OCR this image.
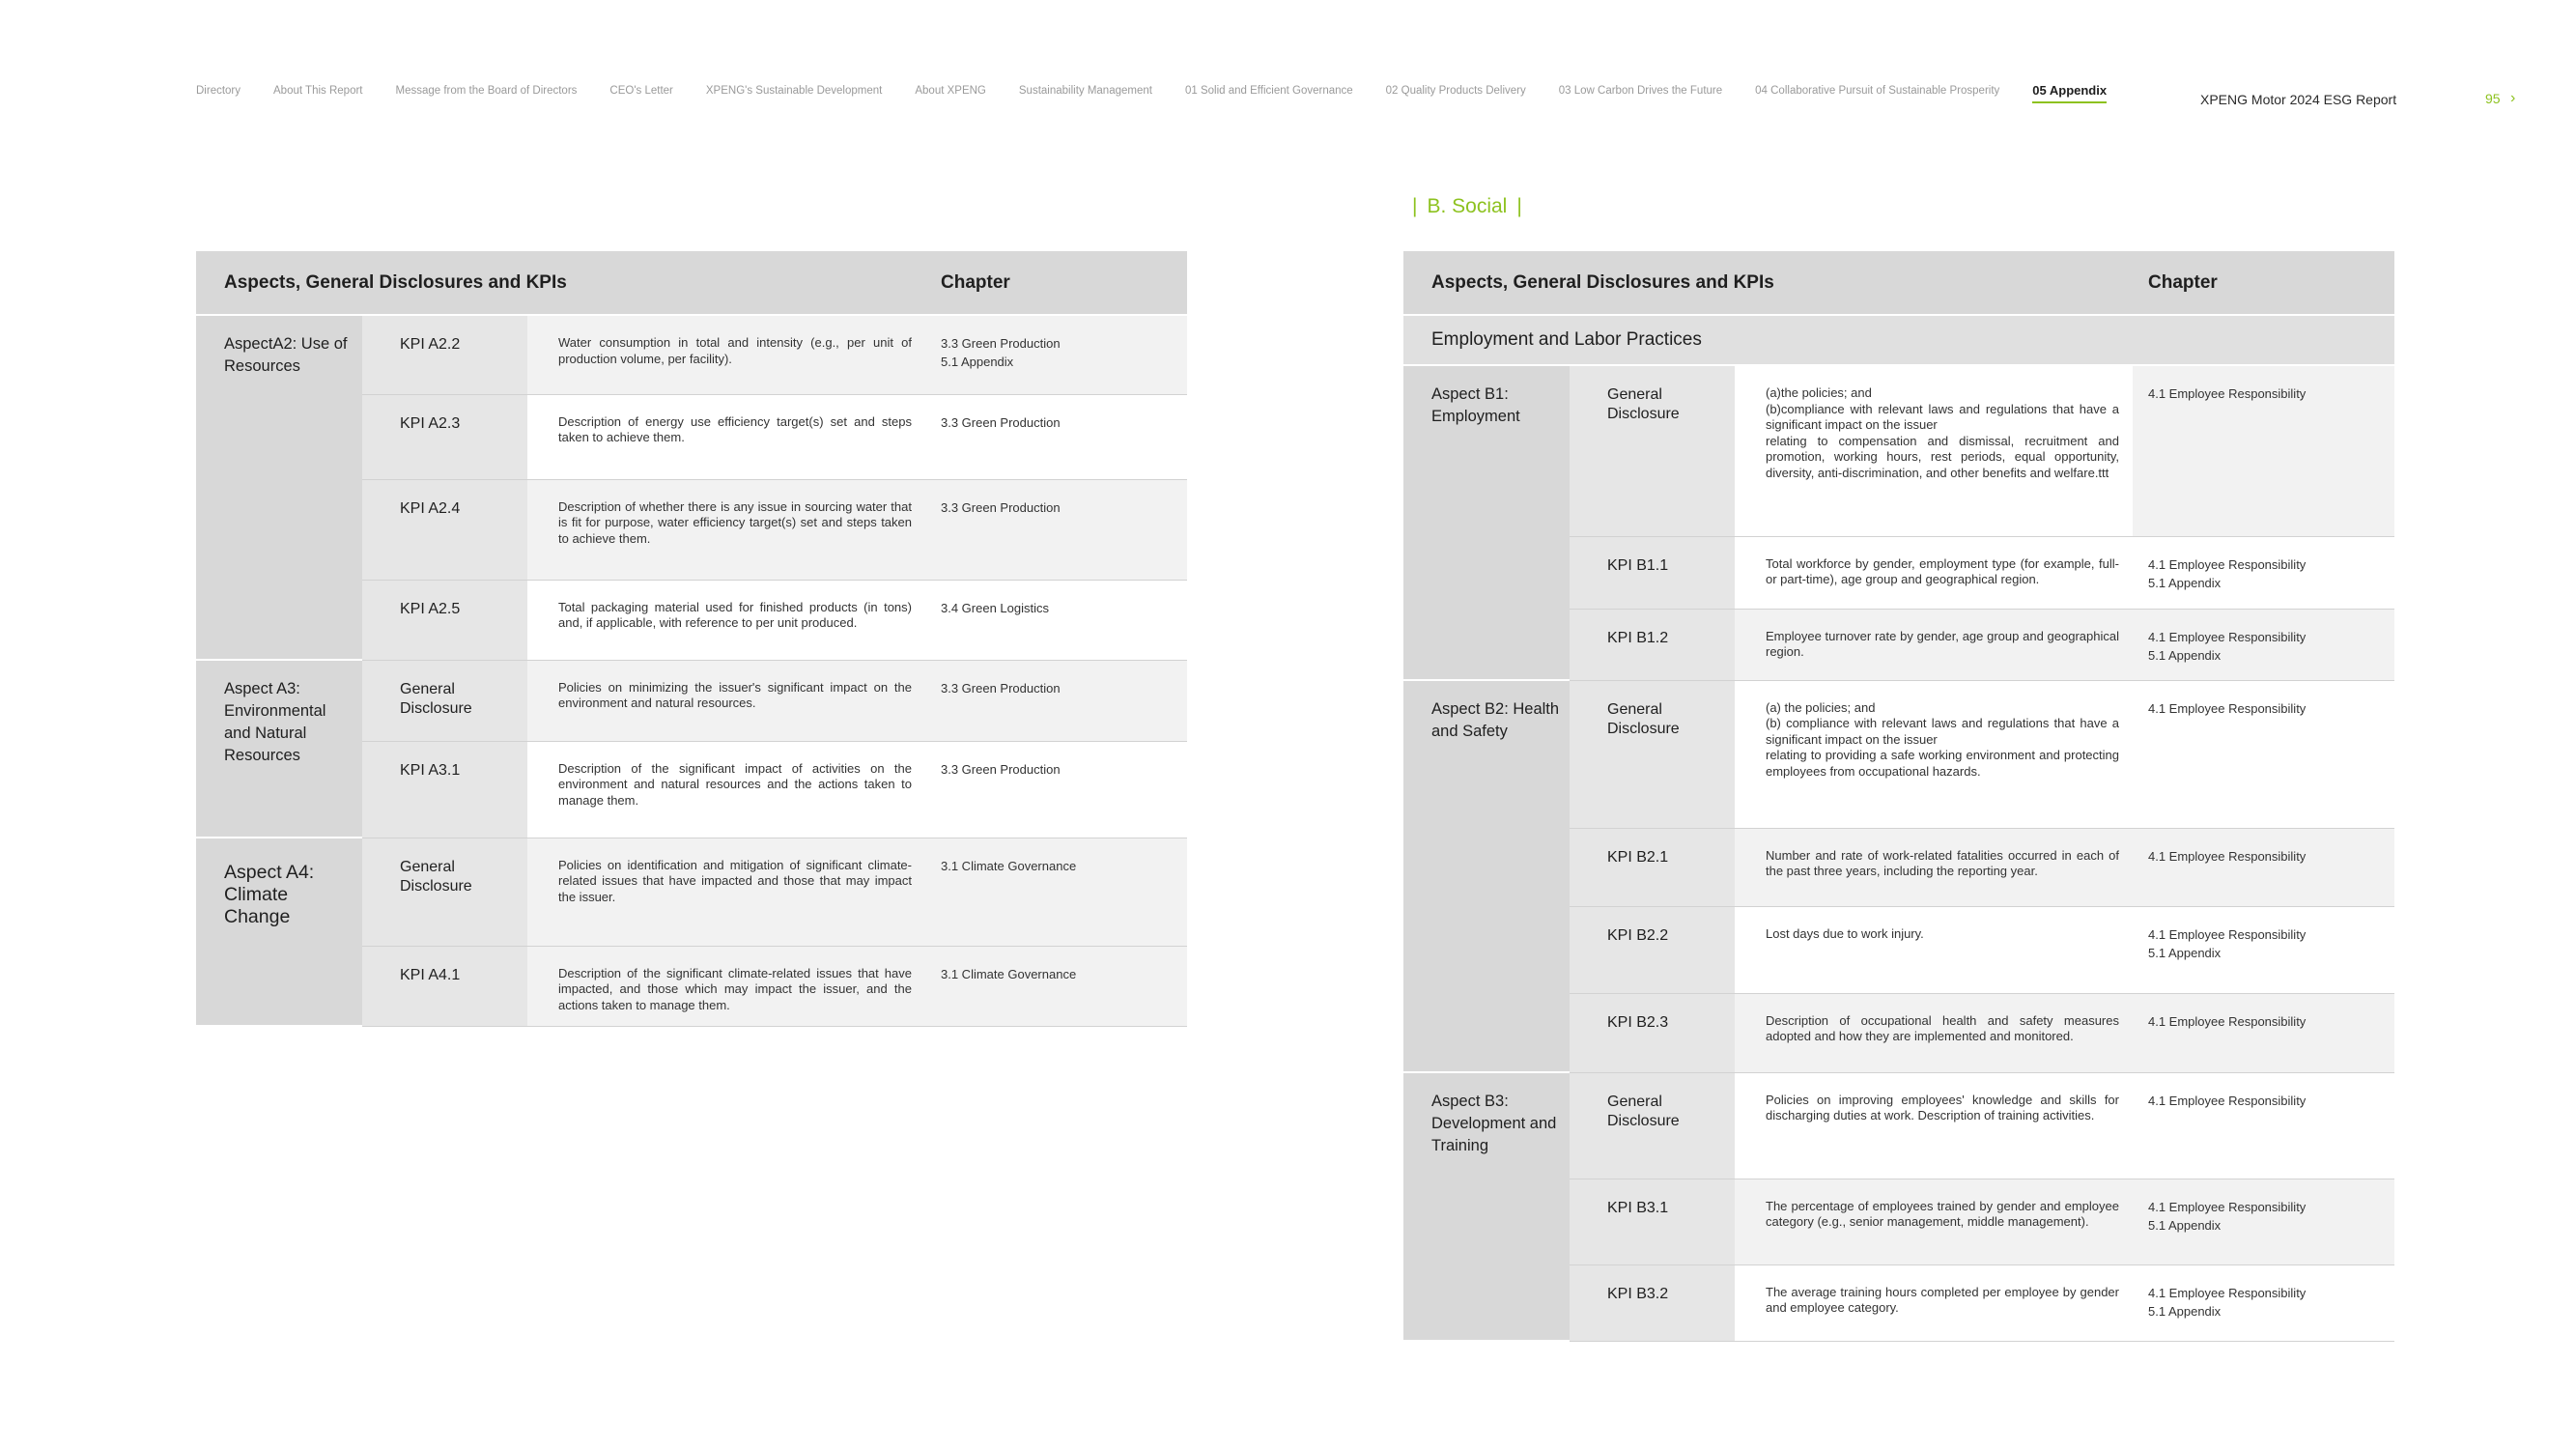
Directory	About This Report	Message from the Board of Directors	CEO's Letter	XPENG's Sustainable Development	About XPENG	Sustainability Management	01 Solid and Efficient Governance	02 Quality Products Delivery	03 Low Carbon Drives the Future	04 Collaborative Pursuit of Sustainable Prosperity	05 Appendix
XPENG Motor 2024 ESG Report	95 ›
| B. Social |
Aspects, General Disclosures and KPIs			Chapter
AspectA2: Use of Resources	KPI A2.2	Water consumption in total and intensity (e.g., per unit of production volume, per facility).	3.3 Green Production
5.1 Appendix

	KPI A2.3	Description of energy use efficiency target(s) set and steps taken to achieve them.	3.3 Green Production

	KPI A2.4	Description of whether there is any issue in sourcing water that is fit for purpose, water efficiency target(s) set and steps taken to achieve them.	3.3 Green Production

	KPI A2.5	Total packaging material used for finished products (in tons) and, if applicable, with reference to per unit produced.	3.4 Green Logistics

Aspect A3: Environmental and Natural Resources	General Disclosure	Policies on minimizing the issuer's significant impact on the environment and natural resources.	3.3 Green Production

	KPI A3.1	Description of the significant impact of activities on the environment and natural resources and the actions taken to manage them.	3.3 Green Production

Aspect A4: Climate Change	General Disclosure	Policies on identification and mitigation of significant climate-related issues that have impacted and those that may impact the issuer.	3.1 Climate Governance

	KPI A4.1	Description of the significant climate-related issues that have impacted, and those which may impact the issuer, and the actions taken to manage them.	3.1 Climate Governance
Aspects, General Disclosures and KPIs			Chapter
Employment and Labor Practices			
Aspect B1: Employment	General Disclosure	(a)the policies; and
(b)compliance with relevant laws and regulations that have a significant impact on the issuer
relating to compensation and dismissal, recruitment and promotion, working hours, rest periods, equal opportunity, diversity, anti-discrimination, and other benefits and welfare.ttt	4.1 Employee Responsibility

	KPI B1.1	Total workforce by gender, employment type (for example, full- or part-time), age group and geographical region.	4.1 Employee Responsibility
5.1 Appendix

	KPI B1.2	Employee turnover rate by gender, age group and geographical region.	4.1 Employee Responsibility
5.1 Appendix

Aspect B2: Health and Safety	General Disclosure	(a) the policies; and
(b) compliance with relevant laws and regulations that have a significant impact on the issuer
relating to providing a safe working environment and protecting employees from occupational hazards.	4.1 Employee Responsibility

	KPI B2.1	Number and rate of work-related fatalities occurred in each of the past three years, including the reporting year.	4.1 Employee Responsibility

	KPI B2.2	Lost days due to work injury.	4.1 Employee Responsibility
5.1 Appendix

	KPI B2.3	Description of occupational health and safety measures adopted and how they are implemented and monitored.	4.1 Employee Responsibility

Aspect B3: Development and Training	General Disclosure	Policies on improving employees' knowledge and skills for discharging duties at work. Description of training activities.	4.1 Employee Responsibility

	KPI B3.1	The percentage of employees trained by gender and employee category (e.g., senior management, middle management).	4.1 Employee Responsibility
5.1 Appendix

	KPI B3.2	The average training hours completed per employee by gender and employee category.	4.1 Employee Responsibility
5.1 Appendix
